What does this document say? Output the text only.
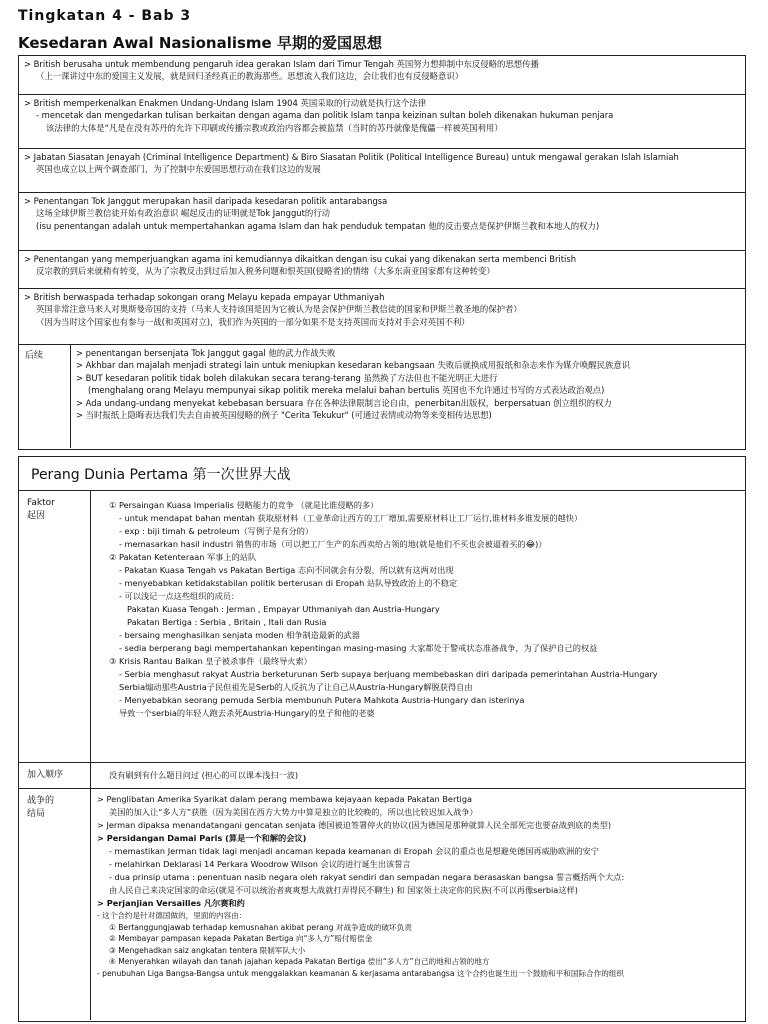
Tingkatan 4 - Bab 3
Kesedaran Awal Nasionalisme 早期的爱国思想
> British berusaha untuk membendung pengaruh idea gerakan Islam dari Timur Tengah 英国努力想抑制中东反侵略的思想传播
（上一课讲过中东的爱国主义发展，就是回归圣经真正的教海那些。思想流入我们这边，会让我们也有反侵略意识）
> British memperkenalkan Enakmen Undang-Undang Islam 1904 英国采取的行动就是执行这个法律
- mencetak dan mengedarkan tulisan berkaitan dengan agama dan politik Islam tanpa keizinan sultan boleh dikenakan hukuman penjara
该法律的大体是“凡是在没有苏丹的允许下印刷或传播宗教或政治内容都会被监禁（当时的苏丹就像是傀儡一样被英国利用）
> Jabatan Siasatan Jenayah (Criminal Intelligence Department) & Biro Siasatan Politik (Political Intelligence Bureau) untuk mengawal gerakan Islah Islamiah
英国也成立以上两个调查部门，为了控制中东爱国思想行动在我们这边的发展
> Penentangan Tok Janggut merupakan hasil daripada kesedaran politik antarabangsa
这场全球伊斯兰教信徒开始有政治意识 崛起反击的证明就是Tok Janggut的行动
(isu penentangan adalah untuk mempertahankan agama Islam dan hak penduduk tempatan 他的反击要点是保护伊斯兰教和本地人的权力)
> Penentangan yang memperjuangkan agama ini kemudiannya dikaitkan dengan isu cukai yang dikenakan serta membenci British
反宗教的到后来就稍有转变，从为了宗教反击到过后加入税务问题和恨英国(侵略者)的情绪（大多东南亚国家都有这种转变）
> British berwaspada terhadap sokongan orang Melayu kepada empayar Uthmaniyah
英国非常注意马来人对奥斯曼帝国的支持（马来人支持该国是因为它被认为是会保护伊斯兰教信徒的国家和伊斯兰教圣地的保护者）
（因为当时这个国家也有参与一战(和英国对立)，我们作为英国的一部分如果不是支持英国而支持对手会对英国不利）
后续	> penentangan bersenjata Tok Janggut gagal 他的武力作战失败
> Akhbar dan majalah menjadi strategi lain untuk meniupkan kesedaran kebangsaan 失败后就换成用报纸和杂志来作为媒介唤醒民族意识
> BUT kesedaran politik tidak boleh dilakukan secara terang-terang 虽然换了方法但也不能光明正大进行
(menghalang orang Melayu mempunyai sikap politik mereka melalui bahan bertulis 英国也不允许通过书写的方式表达政治观点)
> Ada undang-undang menyekat kebebasan bersuara 存在各种法律限制言论自由，penerbitan出版权，berpersatuan 创立组织的权力
> 当时报纸上隐晦表达我们失去自由被英国侵略的例子 "Cerita Tekukur" (可通过表情或动物等来变相传达思想)
Perang Dunia Pertama 第一次世界大战
Faktor
起因
① Persaingan Kuasa Imperialis 侵略能力的竞争 （就是比谁侵略的多）
- untuk mendapat bahan mentah 获取原材料（工业革命让西方的工厂增加,需要原材料让工厂运行,谁材料多谁发展的越快）
- exp : biji timah & petroleum（写例子是有分的）
- memasarkan hasil industri 销售的市场（可以把工厂生产的东西卖给占领的地(就是他们不买也会被逼着买的😂)）
② Pakatan Ketenteraan 军事上的站队
- Pakatan Kuasa Tengah vs Pakatan Bertiga 志向不同就会有分裂，所以就有这两对出现
- menyebabkan ketidakstabilan politik berterusan di Eropah 站队导致政治上的不稳定
- 可以浅记一点这些组织的成员：
Pakatan Kuasa Tengah : Jerman , Empayar Uthmaniyah dan Austria-Hungary
Pakatan Bertiga : Serbia , Britain , Itali dan Rusia
- bersaing menghasilkan senjata moden 相争制造最新的武器
- sedia berperang bagi mempertahankan kepentingan masing-masing 大家都处于警戒状态准备战争，为了保护自己的权益
③ Krisis Rantau Balkan 皇子被杀事件（最终导火索）
- Serbia menghasut rakyat Austria berketurunan Serb supaya berjuang membebaskan diri daripada pemerintahan Austria-Hungary
Serbia煽动那些Austria子民但祖先是Serb的人反抗为了让自己从Austria-Hungary解脱获得自由
- Menyebabkan seorang pemuda Serbia membunuh Putera Mahkota Austria-Hungary dan isterinya
导致一个serbia的年轻人跑去杀死Austria-Hungary的皇子和他的老婆
加入顺序	没有刷到有什么题目问过 (担心的可以课本浅扫一波)
战争的
结局
> Penglibatan Amerika Syarikat dalam perang membawa kejayaan kepada Pakatan Bertiga
美国的加入让“多人方”获胜（因为美国在西方大势力中算是独立的比较晚的，所以也比较迟加入战争）
> Jerman dipaksa menandatangani gencatan senjata 德国被迫签署停火的协议(因为德国是那种就算人民全部死完也要奋战到底的类型)
> Persidangan Damai Paris (算是一个和解的会议)
- memastikan Jerman tidak lagi menjadi ancaman kepada keamanan di Eropah 会议的重点也是想避免德国再威胁欧洲的安宁
- melahirkan Deklarasi 14 Perkara Woodrow Wilson 会议的进行诞生出该誓言
- dua prinsip utama : penentuan nasib negara oleh rakyat sendiri dan sempadan negara berasaskan bangsa 誓言概括两个大点:
由人民自己来决定国家的命运(就是不可以统治者爽爽想大战就打弄得民不聊生) 和 国家领土决定你的民族(不可以再像serbia这样)
> Perjanjian Versailles 凡尔赛和约
- 这个合约是针对德国做的，里面的内容由：
① Bertanggungjawab terhadap kemusnahan akibat perang 对战争造成的破坏负责
② Membayar pampasan kepada Pakatan Bertiga 向“多人方”赔付赔偿金
③ Mengehadkan saiz angkatan tentera 限制军队大小
④ Menyerahkan wilayah dan tanah jajahan kepada Pakatan Bertiga 偿出“多人方”自己的地和占领的地方
- penubuhan Liga Bangsa-Bangsa untuk menggalakkan keamanan & kerjasama antarabangsa 这个合约也诞生出一个鼓励和平和国际合作的组织
